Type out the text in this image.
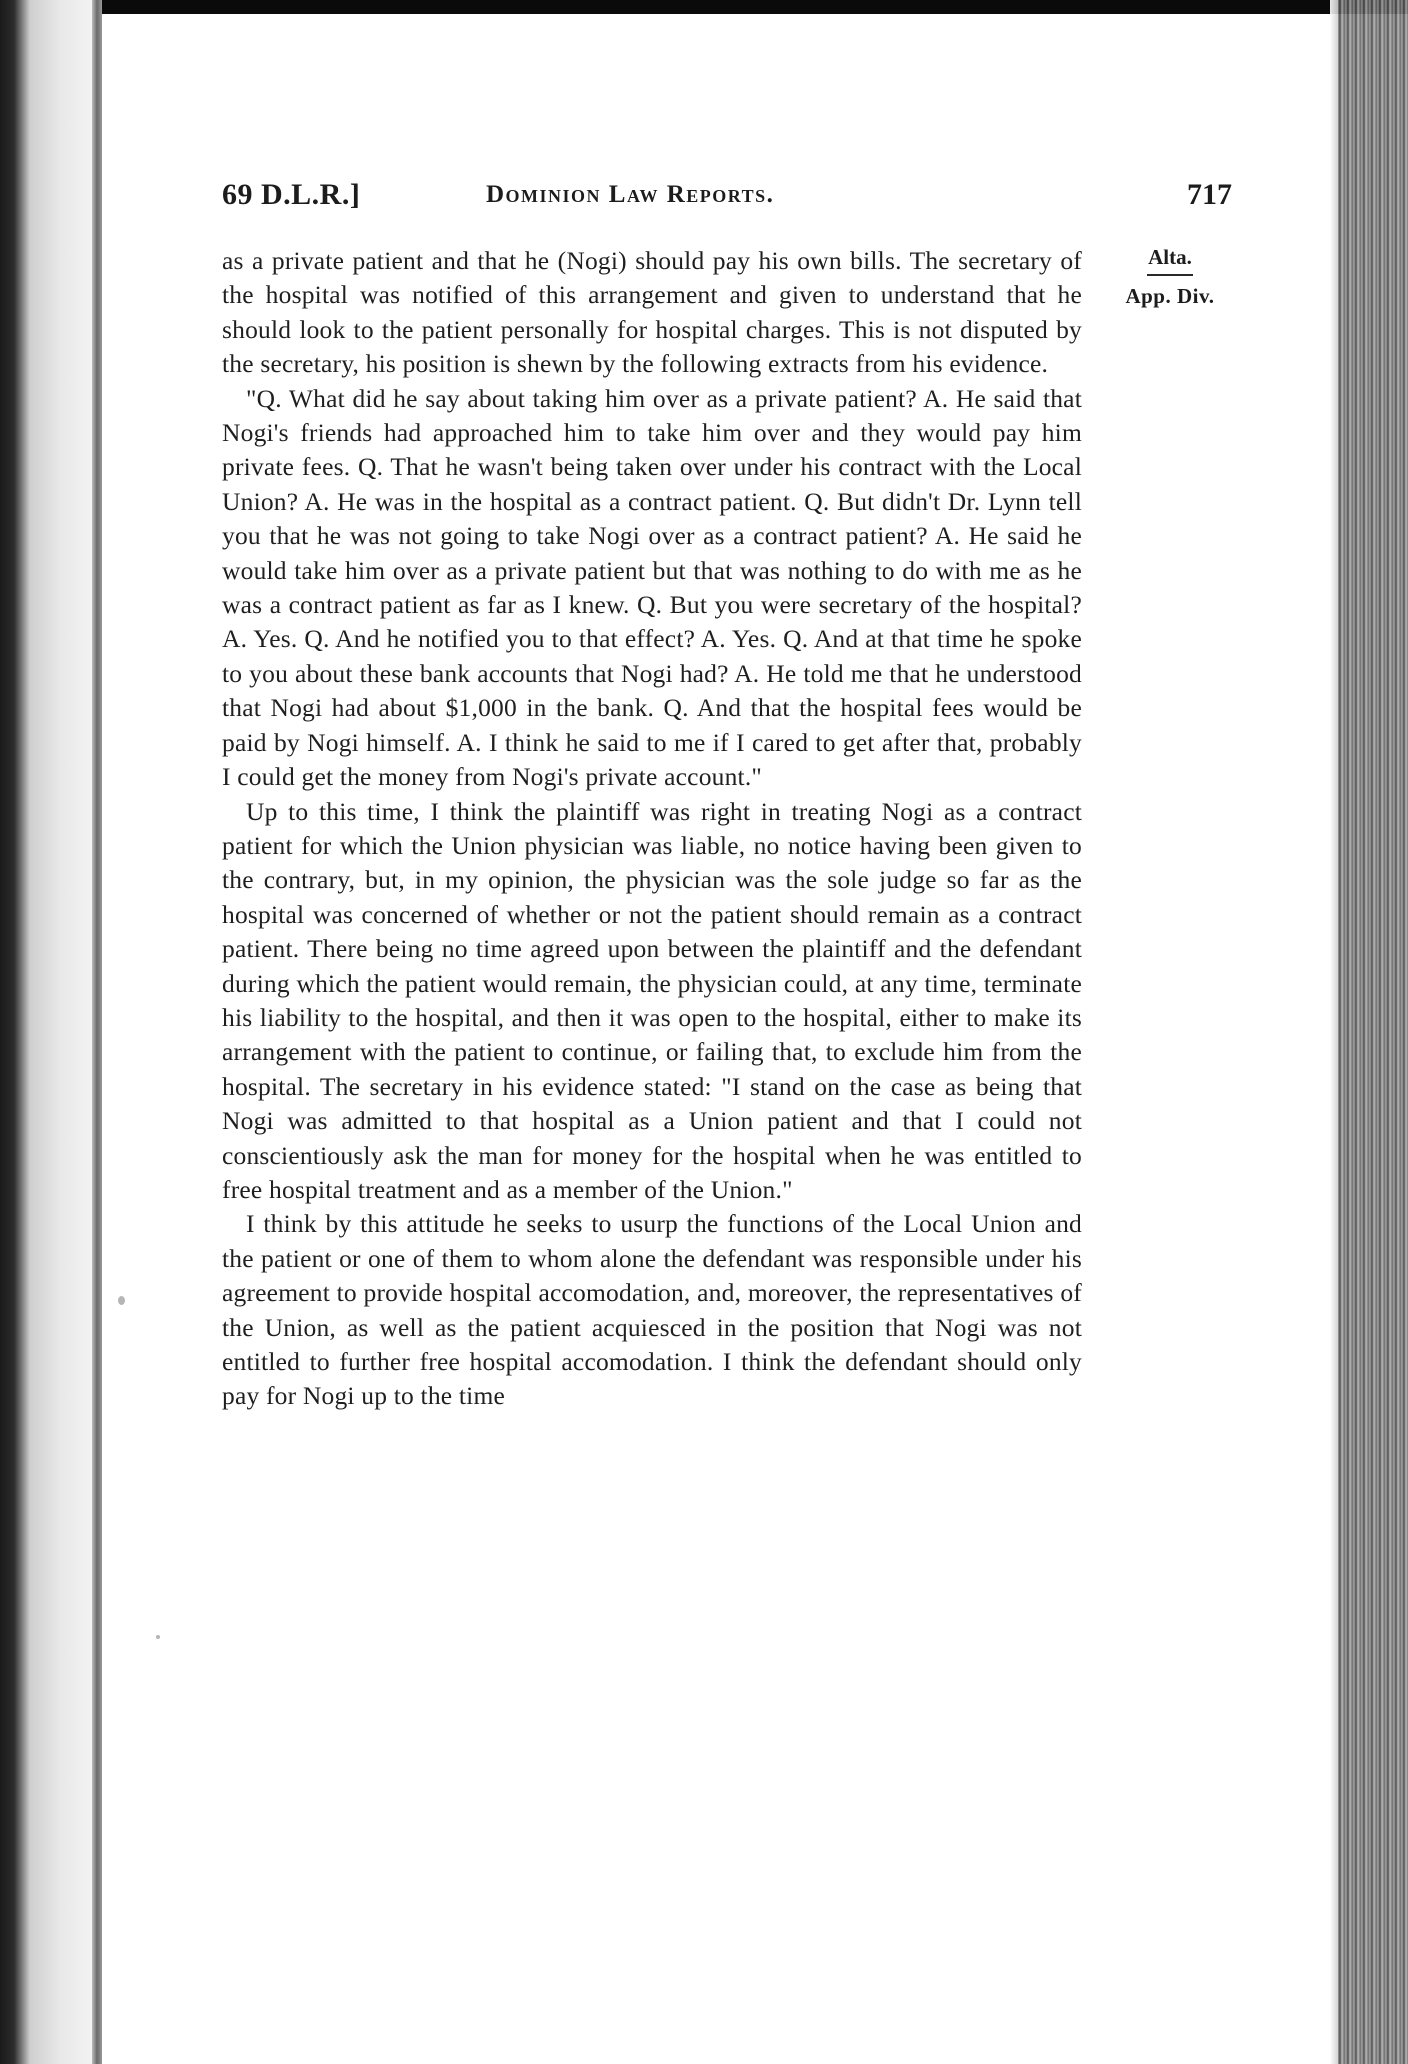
69 D.L.R.]	Dominion Law Reports.	717
Alta.
App. Div.

as a private patient and that he (Nogi) should pay his own bills. The secretary of the hospital was notified of this arrangement and given to understand that he should look to the patient personally for hospital charges. This is not disputed by the secretary, his position is shewn by the following extracts from his evidence.

"Q. What did he say about taking him over as a private patient? A. He said that Nogi's friends had approached him to take him over and they would pay him private fees. Q. That he wasn't being taken over under his contract with the Local Union? A. He was in the hospital as a contract patient. Q. But didn't Dr. Lynn tell you that he was not going to take Nogi over as a contract patient? A. He said he would take him over as a private patient but that was nothing to do with me as he was a contract patient as far as I knew. Q. But you were secretary of the hospital? A. Yes. Q. And he notified you to that effect? A. Yes. Q. And at that time he spoke to you about these bank accounts that Nogi had? A. He told me that he understood that Nogi had about $1,000 in the bank. Q. And that the hospital fees would be paid by Nogi himself. A. I think he said to me if I cared to get after that, probably I could get the money from Nogi's private account."

Up to this time, I think the plaintiff was right in treating Nogi as a contract patient for which the Union physician was liable, no notice having been given to the contrary, but, in my opinion, the physician was the sole judge so far as the hospital was concerned of whether or not the patient should remain as a contract patient. There being no time agreed upon between the plaintiff and the defendant during which the patient would remain, the physician could, at any time, terminate his liability to the hospital, and then it was open to the hospital, either to make its arrangement with the patient to continue, or failing that, to exclude him from the hospital. The secretary in his evidence stated: "I stand on the case as being that Nogi was admitted to that hospital as a Union patient and that I could not conscientiously ask the man for money for the hospital when he was entitled to free hospital treatment and as a member of the Union."

I think by this attitude he seeks to usurp the functions of the Local Union and the patient or one of them to whom alone the defendant was responsible under his agreement to provide hospital accomodation, and, moreover, the representatives of the Union, as well as the patient acquiesced in the position that Nogi was not entitled to further free hospital accomodation. I think the defendant should only pay for Nogi up to the time
